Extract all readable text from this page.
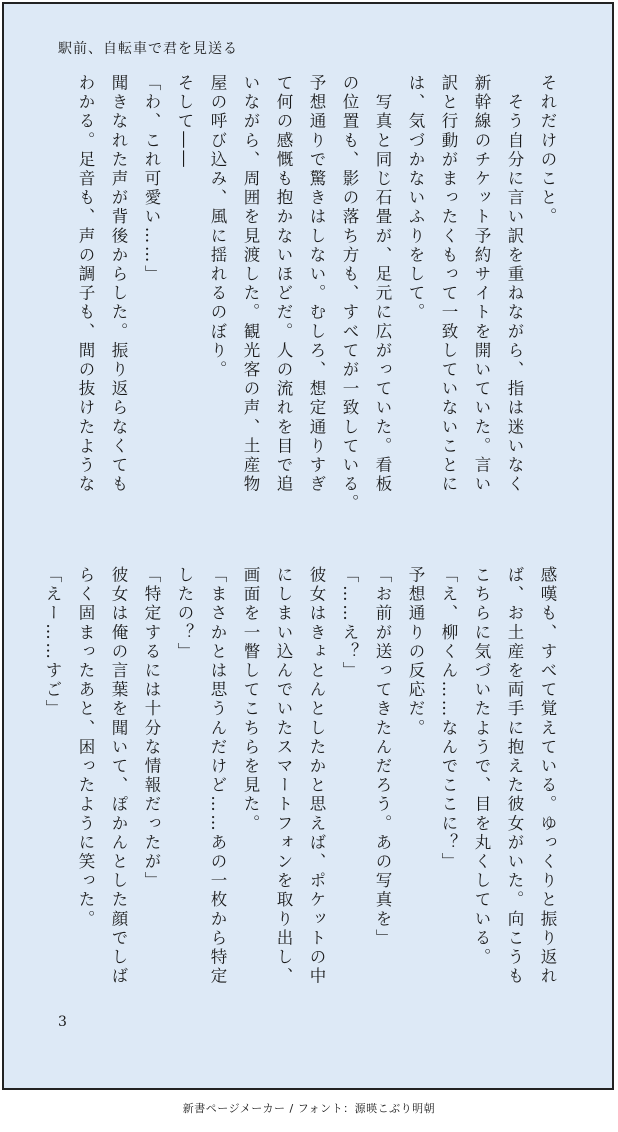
駅前、自転車で君を見送る

それだけのこと。

　そう自分に言い訳を重ねながら、指は迷いなく

新幹線のチケット予約サイトを開いていた。言い

訳と行動がまったくもって一致していないことに

は、気づかないふりをして。

　写真と同じ石畳が、足元に広がっていた。看板

の位置も、影の落ち方も、すべてが一致している。

予想通りで驚きはしない。むしろ、想定通りすぎ

て何の感慨も抱かないほどだ。人の流れを目で追

いながら、周囲を見渡した。観光客の声、土産物

屋の呼び込み、風に揺れるのぼり。

そして――

「わ、これ可愛い……」

聞きなれた声が背後からした。振り返らなくても

わかる。足音も、声の調子も、間の抜けたような

感嘆も、すべて覚えている。ゆっくりと振り返れ

ば、お土産を両手に抱えた彼女がいた。向こうも

こちらに気づいたようで、目を丸くしている。

「え、柳くん……なんでここに？」

予想通りの反応だ。

「お前が送ってきたんだろう。あの写真を」

「……え？」

彼女はきょとんとしたかと思えば、ポケットの中

にしまい込んでいたスマートフォンを取り出し、

画面を一瞥してこちらを見た。

「まさかとは思うんだけど……あの一枚から特定

したの？」

「特定するには十分な情報だったが」

彼女は俺の言葉を聞いて、ぽかんとした顔でしば

らく固まったあと、困ったように笑った。

「えー……すご」

3
新書ページメーカー / フォント：源暎こぶり明朝
